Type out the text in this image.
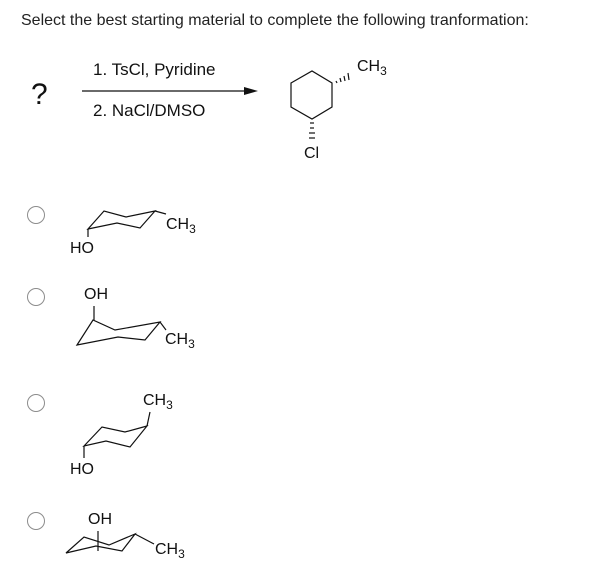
Select the best starting material to complete the following tranformation:
?
1. TsCl, Pyridine
2. NaCl/DMSO
$CH_3$
Cl
$CH_3$
HO
OH
$CH_3$
$CH_3$
HO
OH
$CH_3$
